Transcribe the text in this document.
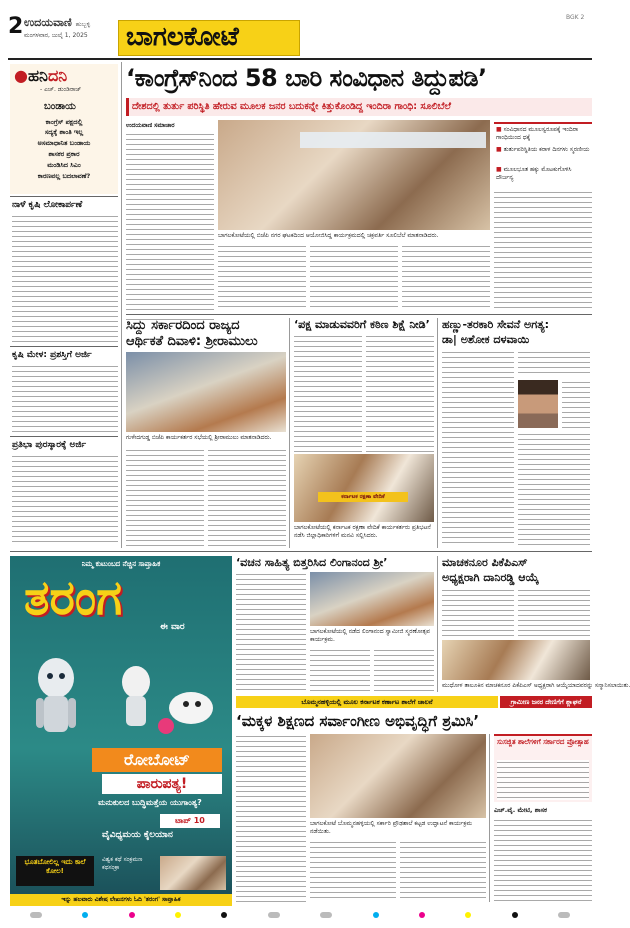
2 ಉದಯವಾಣಿ ಹುಬ್ಬಳ್ಳಿ
ಮಂಗಳವಾರ, ಜುಲೈ 1, 2025 ಬಾಗಲಕೋಟೆ
BGK 2
●ಹನಿದನಿ
- ಎಚ್. ಡುಂಡಿರಾಜ್
ಬಂಡಾಯ
ಕಾಂಗ್ರೆಸ್ ಪಕ್ಷದಲ್ಲಿ
ಸದ್ಯಕ್ಕೆ ಶಾಂತಿ ಇಲ್ಲ
ಅಸಮಾಧಾನಿತ ಬಂಡಾಯ
ಶಾಸಕರ ಪ್ರಕಾರ
ಮಂಡಿಸಿದ ಸಿಎಂ
ಕಾರಣವಲ್ಲ ಬದಲಾವಣೆ?
ನಾಳೆ ಕೃಷಿ ಲೋಕಾರ್ಪಣೆ
ಕೃಷಿ ಮೇಳ: ಪ್ರಶಸ್ತಿಗೆ ಅರ್ಜಿ
ಪ್ರತಿಭಾ ಪುರಸ್ಕಾರಕ್ಕೆ ಅರ್ಜಿ
‘ಕಾಂಗ್ರೆಸ್‌ನಿಂದ 58 ಬಾರಿ ಸಂವಿಧಾನ ತಿದ್ದುಪಡಿ’
ದೇಶದಲ್ಲಿ ತುರ್ತು ಪರಿಸ್ಥಿತಿ ಹೇರುವ ಮೂಲಕ ಜನರ ಬದುಕನ್ನೇ ಕಿತ್ತುಕೊಂಡಿದ್ದ ಇಂದಿರಾ ಗಾಂಧಿ: ಸೂಲಿಬೆಲೆ
ಉದಯವಾಣಿ ಸಮಾಚಾರ
ಬಾಗಲಕೋಟೆಯಲ್ಲಿ ಬಿಜೆಪಿ ನಗರ ಘಟಕದಿಂದ ಆಯೋಜಿಸಿದ್ದ ಕಾರ್ಯಕ್ರಮದಲ್ಲಿ ಚಕ್ರವರ್ತಿ ಸೂಲಿಬೆಲೆ ಮಾತನಾಡಿದರು.
■ ಸಂವಿಧಾನದ ಮೂಲಸ್ವರೂಪಕ್ಕೆ ಇಂದಿರಾ ಗಾಂಧಿಯಿಂದ ಧಕ್ಕೆ
■ ತುರ್ತುಪರಿಸ್ಥಿತಿಯ ಕರಾಳ ದಿನಗಳು ಸ್ಮರಣೀಯ
■ ಮೂಲಭೂತ ಹಕ್ಕು ಮೊಟಕುಗೊಳಿಸಿ ದೌರ್ಜನ್ಯ
ಸಿದ್ದು ಸರ್ಕಾರದಿಂದ ರಾಜ್ಯದ
ಆರ್ಥಿಕತೆ ದಿವಾಳಿ: ಶ್ರೀರಾಮುಲು
ಗುಳೇದಗುಡ್ಡ ಬಿಜೆಪಿ ಕಾರ್ಯಕರ್ತರ ಸಭೆಯಲ್ಲಿ ಶ್ರೀರಾಮುಲು ಮಾತನಾಡಿದರು.
‘ಪಕ್ಷ ಮಾಡುವವರಿಗೆ ಕಠಿಣ ಶಿಕ್ಷೆ ನೀಡಿ’
ಕರ್ನಾಟಕ ರಕ್ಷಣಾ ವೇದಿಕೆ
ಬಾಗಲಕೋಟೆಯಲ್ಲಿ ಕರ್ನಾಟಕ ರಕ್ಷಣಾ ವೇದಿಕೆ ಕಾರ್ಯಕರ್ತರು ಪ್ರತಿಭಟನೆ ನಡೆಸಿ ಜಿಲ್ಲಾಧಿಕಾರಿಗಳಿಗೆ ಮನವಿ ಸಲ್ಲಿಸಿದರು.
ಹಣ್ಣು-ತರಕಾರಿ ಸೇವನೆ ಅಗತ್ಯ:
ಡಾ| ಅಶೋಕ ದಳವಾಯಿ
ನಿಮ್ಮ ಕುಟುಂಬದ ನೆಚ್ಚಿನ ಸಾಪ್ತಾಹಿಕ
ತರಂಗ
ಈ ವಾರ
ರೋಬೋಟ್
ಪಾರುಪತ್ಯ!
ಮನುಕುಲದ ಬುದ್ಧಿಮತ್ತೆಯ ಯುಗಾಂತ್ಯ?
ಟಾಪ್ 10
ವೈವಿಧ್ಯಮಯ ಕೈಲಯಾನ
ವಿಶ್ವಕ ಕಥೆ ಸಂಕ್ರಮಣ ಕಥಸಂಕ್ರಾ
ಭೂತಬೋಲಿಲ್ಲ ಇದು ಕಾಲೆ ಕೋಲ!
ಇನ್ನು ಹಲವಾರು ವಿಶೇಷ ಲೇಖನಗಳು ಓದಿ 'ತರಂಗ' ಸಾಪ್ತಾಹಿಕ
‘ವಚನ ಸಾಹಿತ್ಯ ಬಿತ್ತರಿಸಿದ ಲಿಂಗಾನಂದ ಶ್ರೀ’
ಬಾಗಲಕೋಟೆಯಲ್ಲಿ ನಡೆದ ಲಿಂಗಾನಂದ ಸ್ವಾಮೀಜಿ ಸ್ಮರಣೋತ್ಸವ ಕಾರ್ಯಕ್ರಮ.
ಮಾಚಕನೂರ ಪಿಕೆಪಿಎಸ್
ಅಧ್ಯಕ್ಷರಾಗಿ ದಾನಿರಡ್ಡಿ ಆಯ್ಕೆ
ಮುಧೋಳ ತಾಲೂಕಿನ ಮಾಚಕನೂರ ಪಿಕೆಪಿಎಸ್ ಅಧ್ಯಕ್ಷರಾಗಿ ಆಯ್ಕೆಯಾದವರನ್ನು ಸನ್ಮಾನಿಸಲಾಯಿತು.
ಬೊಮ್ಮನಹಳ್ಳಿಯಲ್ಲಿ ಮೂಲ ಕರ್ನಾಟಕ ಕರ್ಣಾಟ ಶಾಲೆಗೆ ಚಾಲನೆ	ಗ್ರಾಮೀಣ ಜನರ ದೇಣಿಗೆಗೆ ಶ್ಲಾಘನೆ
‘ಮಕ್ಕಳ ಶಿಕ್ಷಣದ ಸರ್ವಾಂಗೀಣ ಅಭಿವೃದ್ಧಿಗೆ ಶ್ರಮಿಸಿ’
ಬಾಗಲಕೋಟೆ ಬೊಮ್ಮನಹಳ್ಳಿಯಲ್ಲಿ ಸರ್ಕಾರಿ ಪ್ರೌಢಶಾಲೆ ಕಟ್ಟಡ ಉದ್ಘಾಟನೆ ಕಾರ್ಯಕ್ರಮ ನಡೆಯಿತು.
ಸುಸಜ್ಜಿತ ಶಾಲೆಗಳಿಗೆ ಸರ್ಕಾರದ ಪ್ರೋತ್ಸಾಹ
ಎಚ್.ವೈ. ಮೇಟಿ, ಶಾಸಕ
